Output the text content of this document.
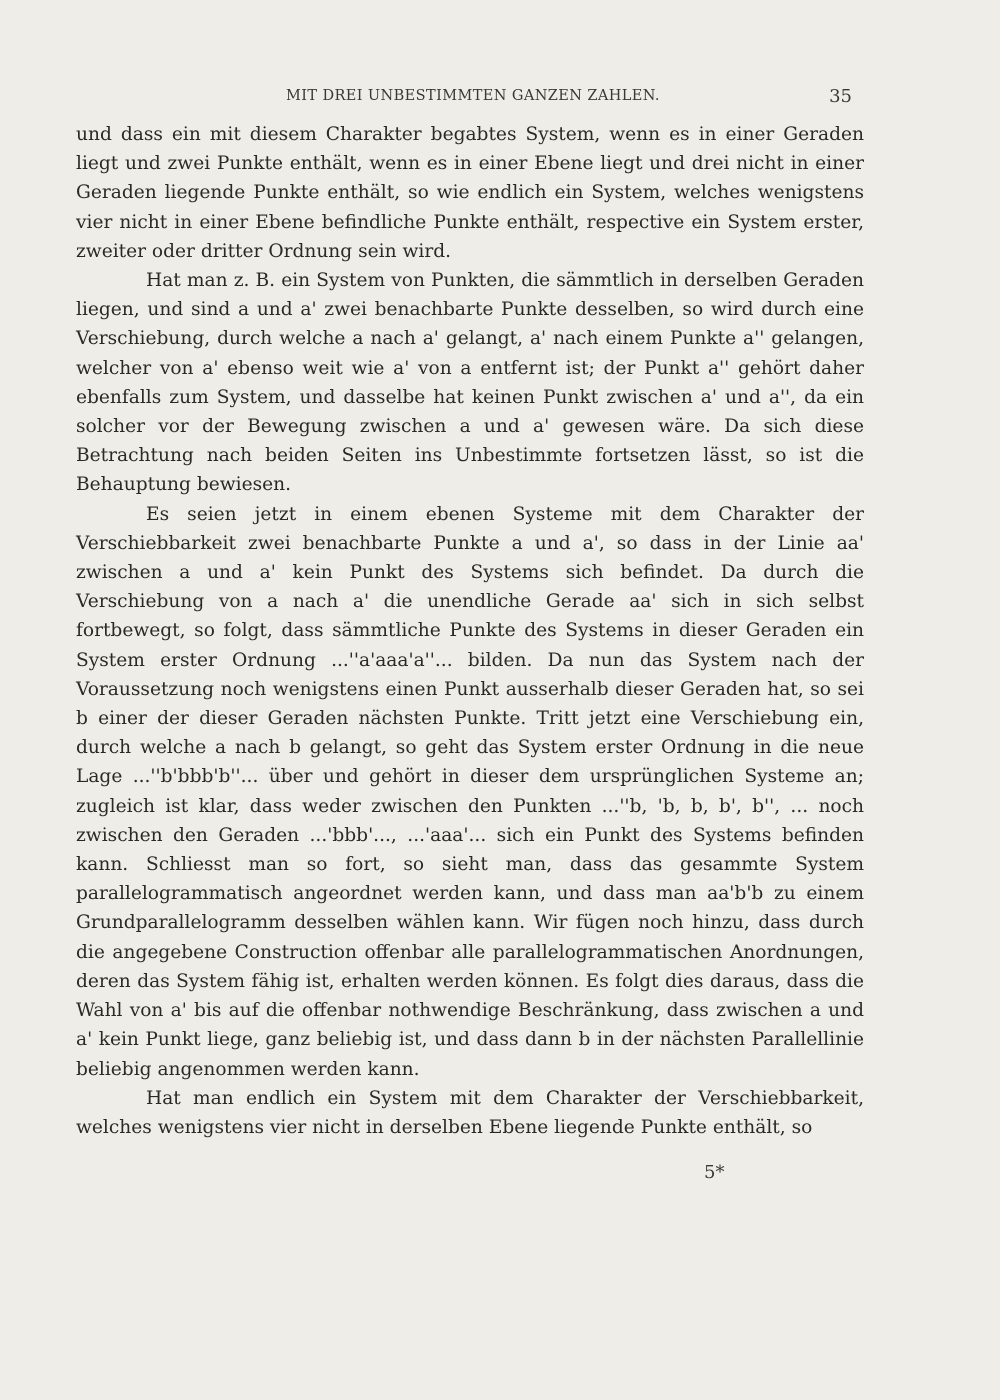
MIT DREI UNBESTIMMTEN GANZEN ZAHLEN.	35

und dass ein mit diesem Charakter begabtes System, wenn es in einer Geraden liegt und zwei Punkte enthält, wenn es in einer Ebene liegt und drei nicht in einer Geraden liegende Punkte enthält, so wie endlich ein System, welches wenigstens vier nicht in einer Ebene befindliche Punkte enthält, respective ein System erster, zweiter oder dritter Ordnung sein wird.

Hat man z. B. ein System von Punkten, die sämmtlich in derselben Geraden liegen, und sind a und a' zwei benachbarte Punkte desselben, so wird durch eine Verschiebung, durch welche a nach a' gelangt, a' nach einem Punkte a'' gelangen, welcher von a' ebenso weit wie a' von a entfernt ist; der Punkt a'' gehört daher ebenfalls zum System, und dasselbe hat keinen Punkt zwischen a' und a'', da ein solcher vor der Bewegung zwischen a und a' gewesen wäre. Da sich diese Betrachtung nach beiden Seiten ins Unbestimmte fortsetzen lässt, so ist die Behauptung bewiesen.

Es seien jetzt in einem ebenen Systeme mit dem Charakter der Verschiebbarkeit zwei benachbarte Punkte a und a', so dass in der Linie aa' zwischen a und a' kein Punkt des Systems sich befindet. Da durch die Verschiebung von a nach a' die unendliche Gerade aa' sich in sich selbst fortbewegt, so folgt, dass sämmtliche Punkte des Systems in dieser Geraden ein System erster Ordnung ...''a'aaa'a''... bilden. Da nun das System nach der Voraussetzung noch wenigstens einen Punkt ausserhalb dieser Geraden hat, so sei b einer der dieser Geraden nächsten Punkte. Tritt jetzt eine Verschiebung ein, durch welche a nach b gelangt, so geht das System erster Ordnung in die neue Lage ...''b'bbb'b''... über und gehört in dieser dem ursprünglichen Systeme an; zugleich ist klar, dass weder zwischen den Punkten ...''b, 'b, b, b', b'', ... noch zwischen den Geraden ...'bbb'..., ...'aaa'... sich ein Punkt des Systems befinden kann. Schliesst man so fort, so sieht man, dass das gesammte System parallelogrammatisch angeordnet werden kann, und dass man aa'b'b zu einem Grundparallelogramm desselben wählen kann. Wir fügen noch hinzu, dass durch die angegebene Construction offenbar alle parallelogrammatischen Anordnungen, deren das System fähig ist, erhalten werden können. Es folgt dies daraus, dass die Wahl von a' bis auf die offenbar nothwendige Beschränkung, dass zwischen a und a' kein Punkt liege, ganz beliebig ist, und dass dann b in der nächsten Parallellinie beliebig angenommen werden kann.

Hat man endlich ein System mit dem Charakter der Verschiebbarkeit, welches wenigstens vier nicht in derselben Ebene liegende Punkte enthält, so

5*
